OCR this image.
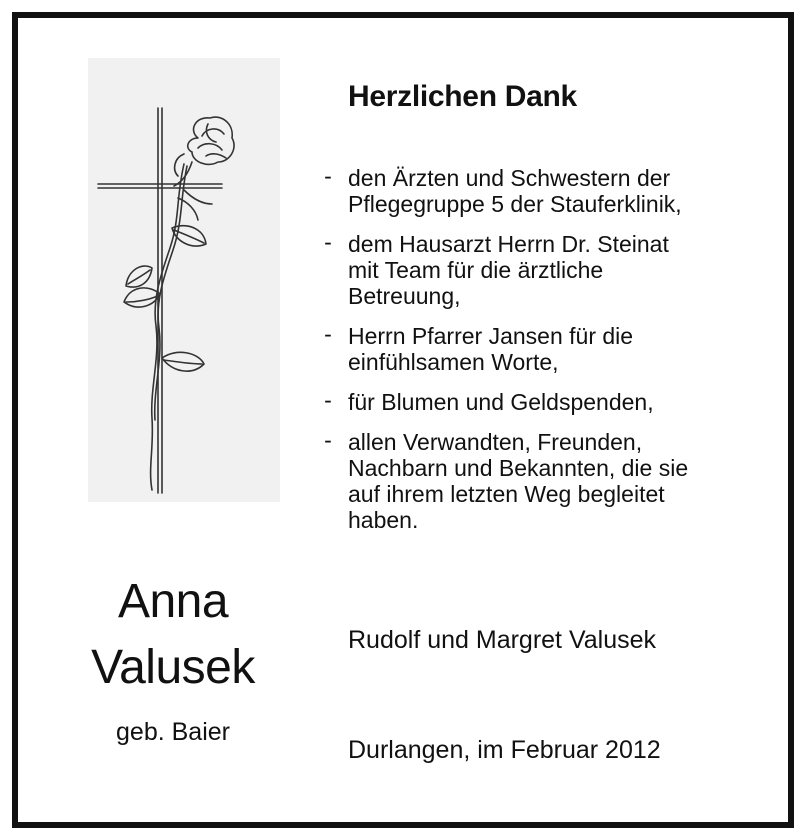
Anna
Valusek
geb. Baier
Herzlichen Dank
- den Ärzten und Schwestern der
Pflegegruppe 5 der Stauferklinik,
- dem Hausarzt Herrn Dr. Steinat
mit Team für die ärztliche
Betreuung,
- Herrn Pfarrer Jansen für die
einfühlsamen Worte,
- für Blumen und Geldspenden,
- allen Verwandten, Freunden,
Nachbarn und Bekannten, die sie
auf ihrem letzten Weg begleitet
haben.
Rudolf und Margret Valusek
Durlangen, im Februar 2012
